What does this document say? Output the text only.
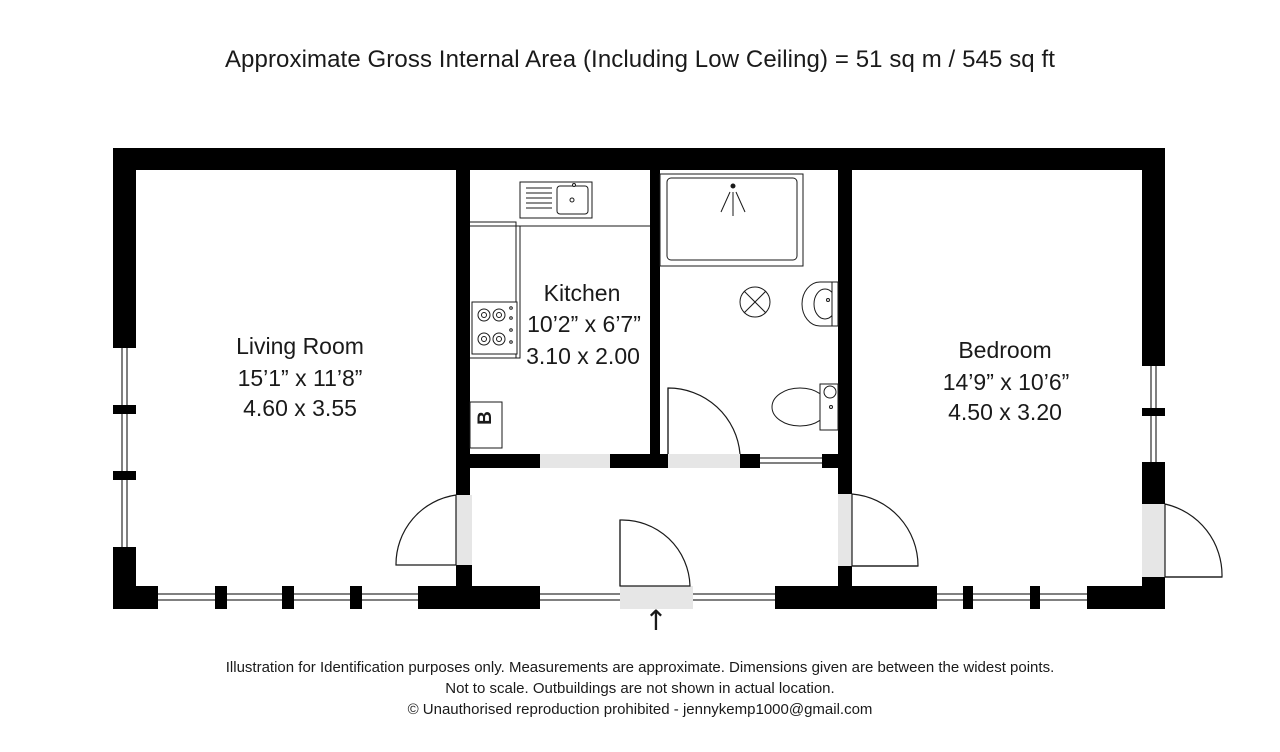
Approximate Gross Internal Area (Including Low Ceiling) = 51 sq m / 545 sq ft
B
Living Room
15’1” x 11’8”
4.60 x 3.55
Kitchen
10’2” x 6’7”
3.10 x 2.00	Bedroom
14’9” x 10’6”
4.50 x 3.20
↑
Illustration for Identification purposes only. Measurements are approximate. Dimensions given are between the widest points.
Not to scale. Outbuildings are not shown in actual location.
© Unauthorised reproduction prohibited - jennykemp1000@gmail.com
